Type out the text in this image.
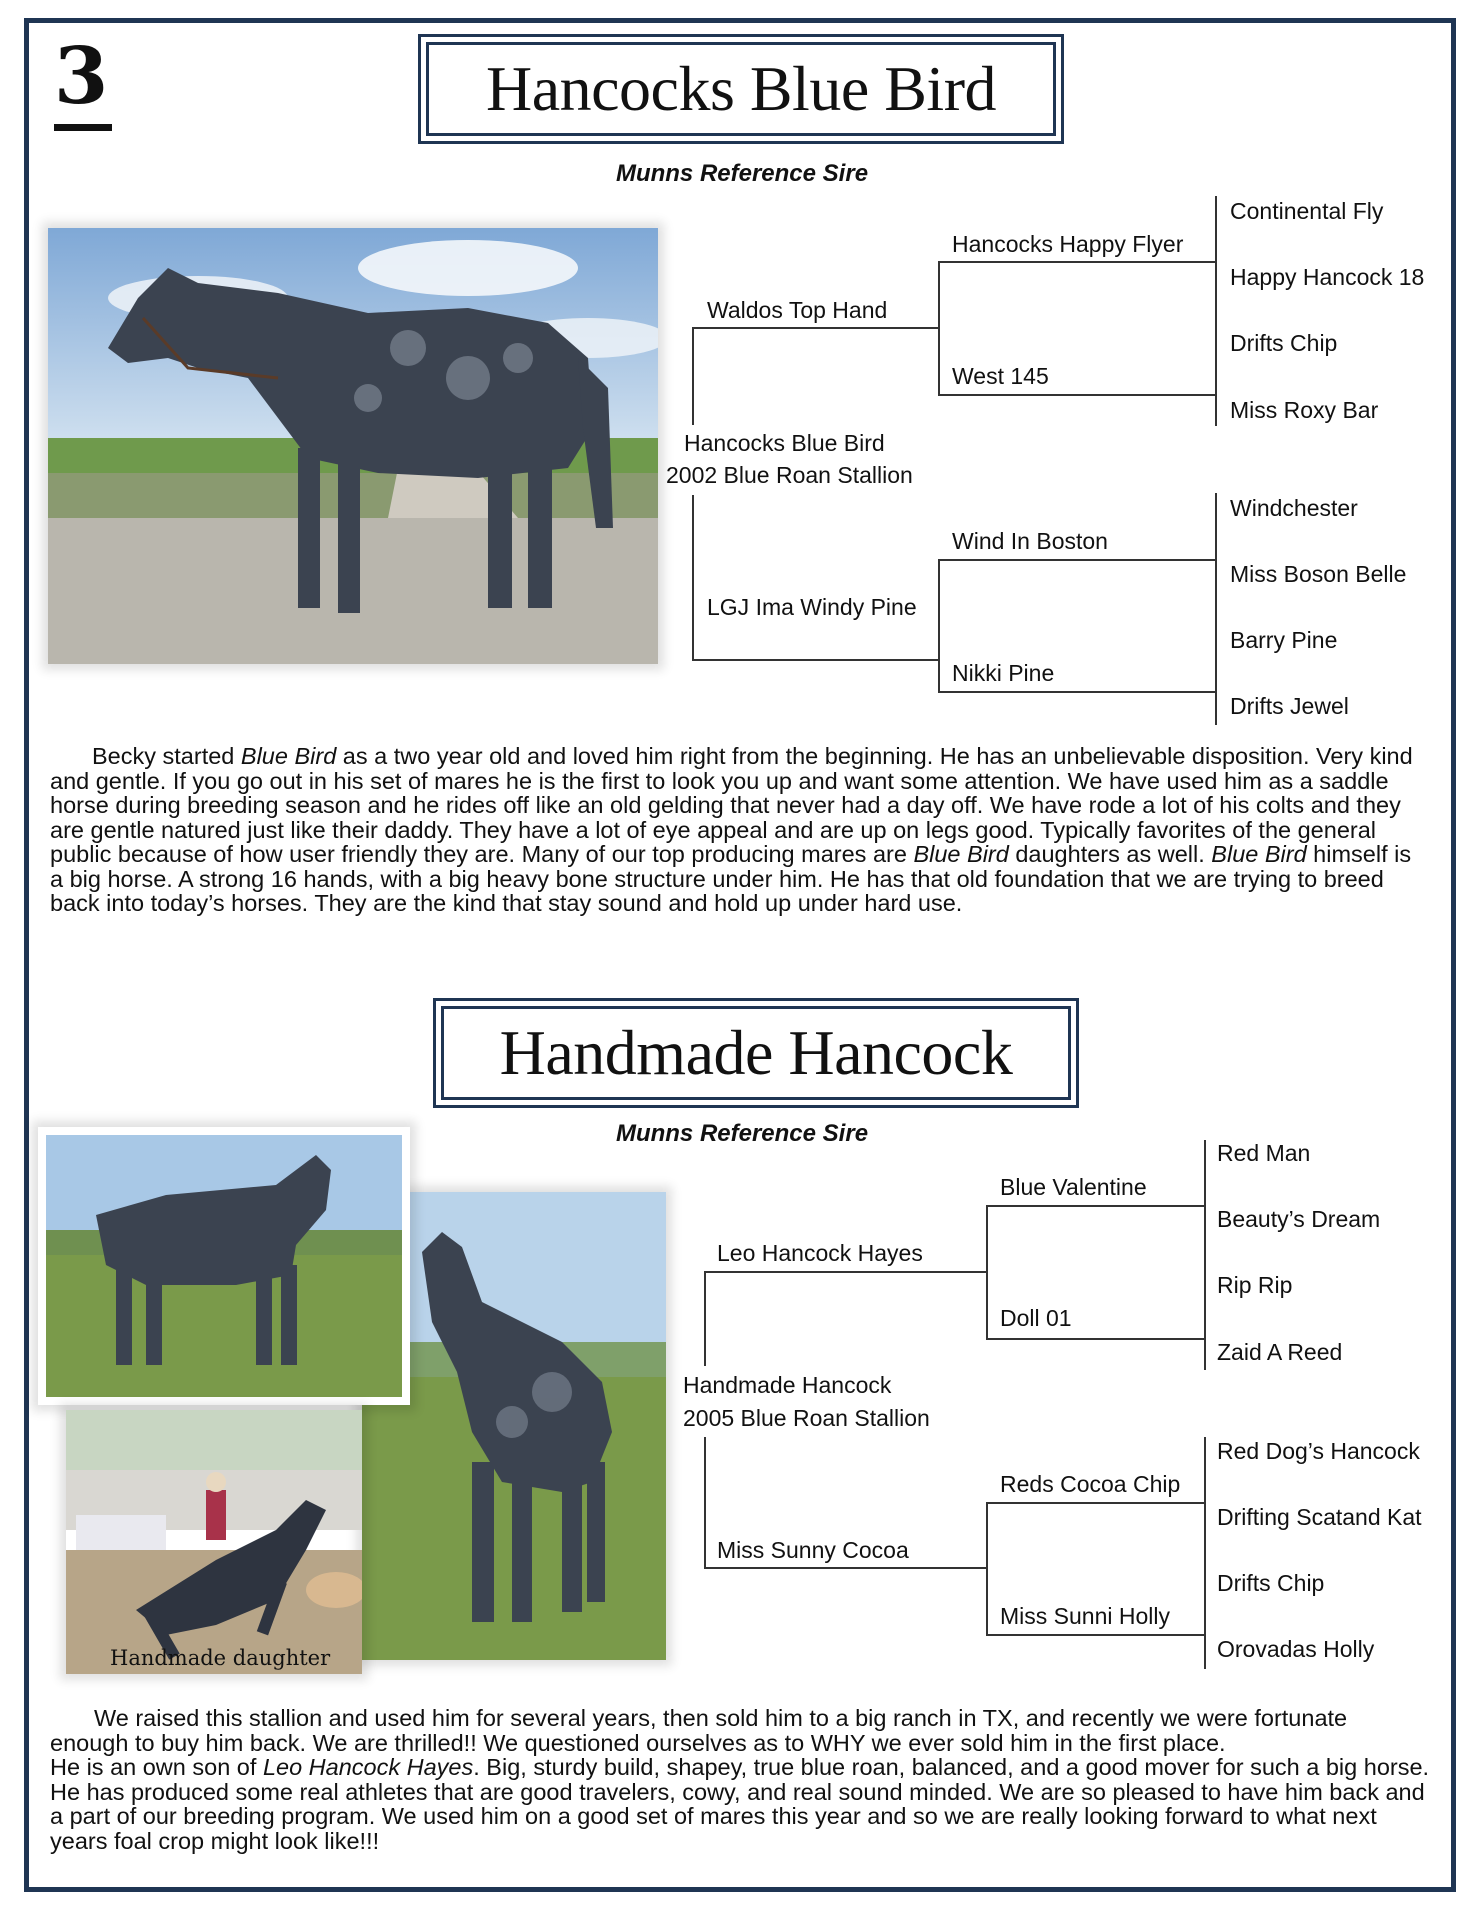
3	Hancocks Blue Bird
Munns Reference Sire
Continental Fly
Hancocks Happy Flyer
Happy Hancock 18
Waldos Top Hand
Drifts Chip
West 145
Miss Roxy Bar
Hancocks Blue Bird
2002 Blue Roan Stallion
Windchester
Wind In Boston
Miss Boson Belle
LGJ Ima Windy Pine
Barry Pine
Nikki Pine
Drifts Jewel

Becky started Blue Bird as a two year old and loved him right from the beginning. He has an unbelievable disposition. Very kind and gentle. If you go out in his set of mares he is the first to look you up and want some attention. We have used him as a saddle horse during breeding season and he rides off like an old gelding that never had a day off. We have rode a lot of his colts and they are gentle natured just like their daddy. They have a lot of eye appeal and are up on legs good. Typically favorites of the general public because of how user friendly they are. Many of our top producing mares are Blue Bird daughters as well. Blue Bird himself is a big horse. A strong 16 hands, with a big heavy bone structure under him. He has that old foundation that we are trying to breed back into today’s horses. They are the kind that stay sound and hold up under hard use.

Handmade Hancock
Munns Reference Sire
Handmade daughter
Red Man
Blue Valentine
Beauty’s Dream
Leo Hancock Hayes
Rip Rip
Doll 01
Zaid A Reed
Handmade Hancock
2005 Blue Roan Stallion
Red Dog’s Hancock
Reds Cocoa Chip
Drifting Scatand Kat
Miss Sunny Cocoa
Drifts Chip
Miss Sunni Holly
Orovadas Holly

We raised this stallion and used him for several years, then sold him to a big ranch in TX, and recently we were fortunate enough to buy him back. We are thrilled!! We questioned ourselves as to WHY we ever sold him in the first place.

He is an own son of Leo Hancock Hayes. Big, sturdy build, shapey, true blue roan, balanced, and a good mover for such a big horse. He has produced some real athletes that are good travelers, cowy, and real sound minded. We are so pleased to have him back and a part of our breeding program. We used him on a good set of mares this year and so we are really looking forward to what next years foal crop might look like!!!
